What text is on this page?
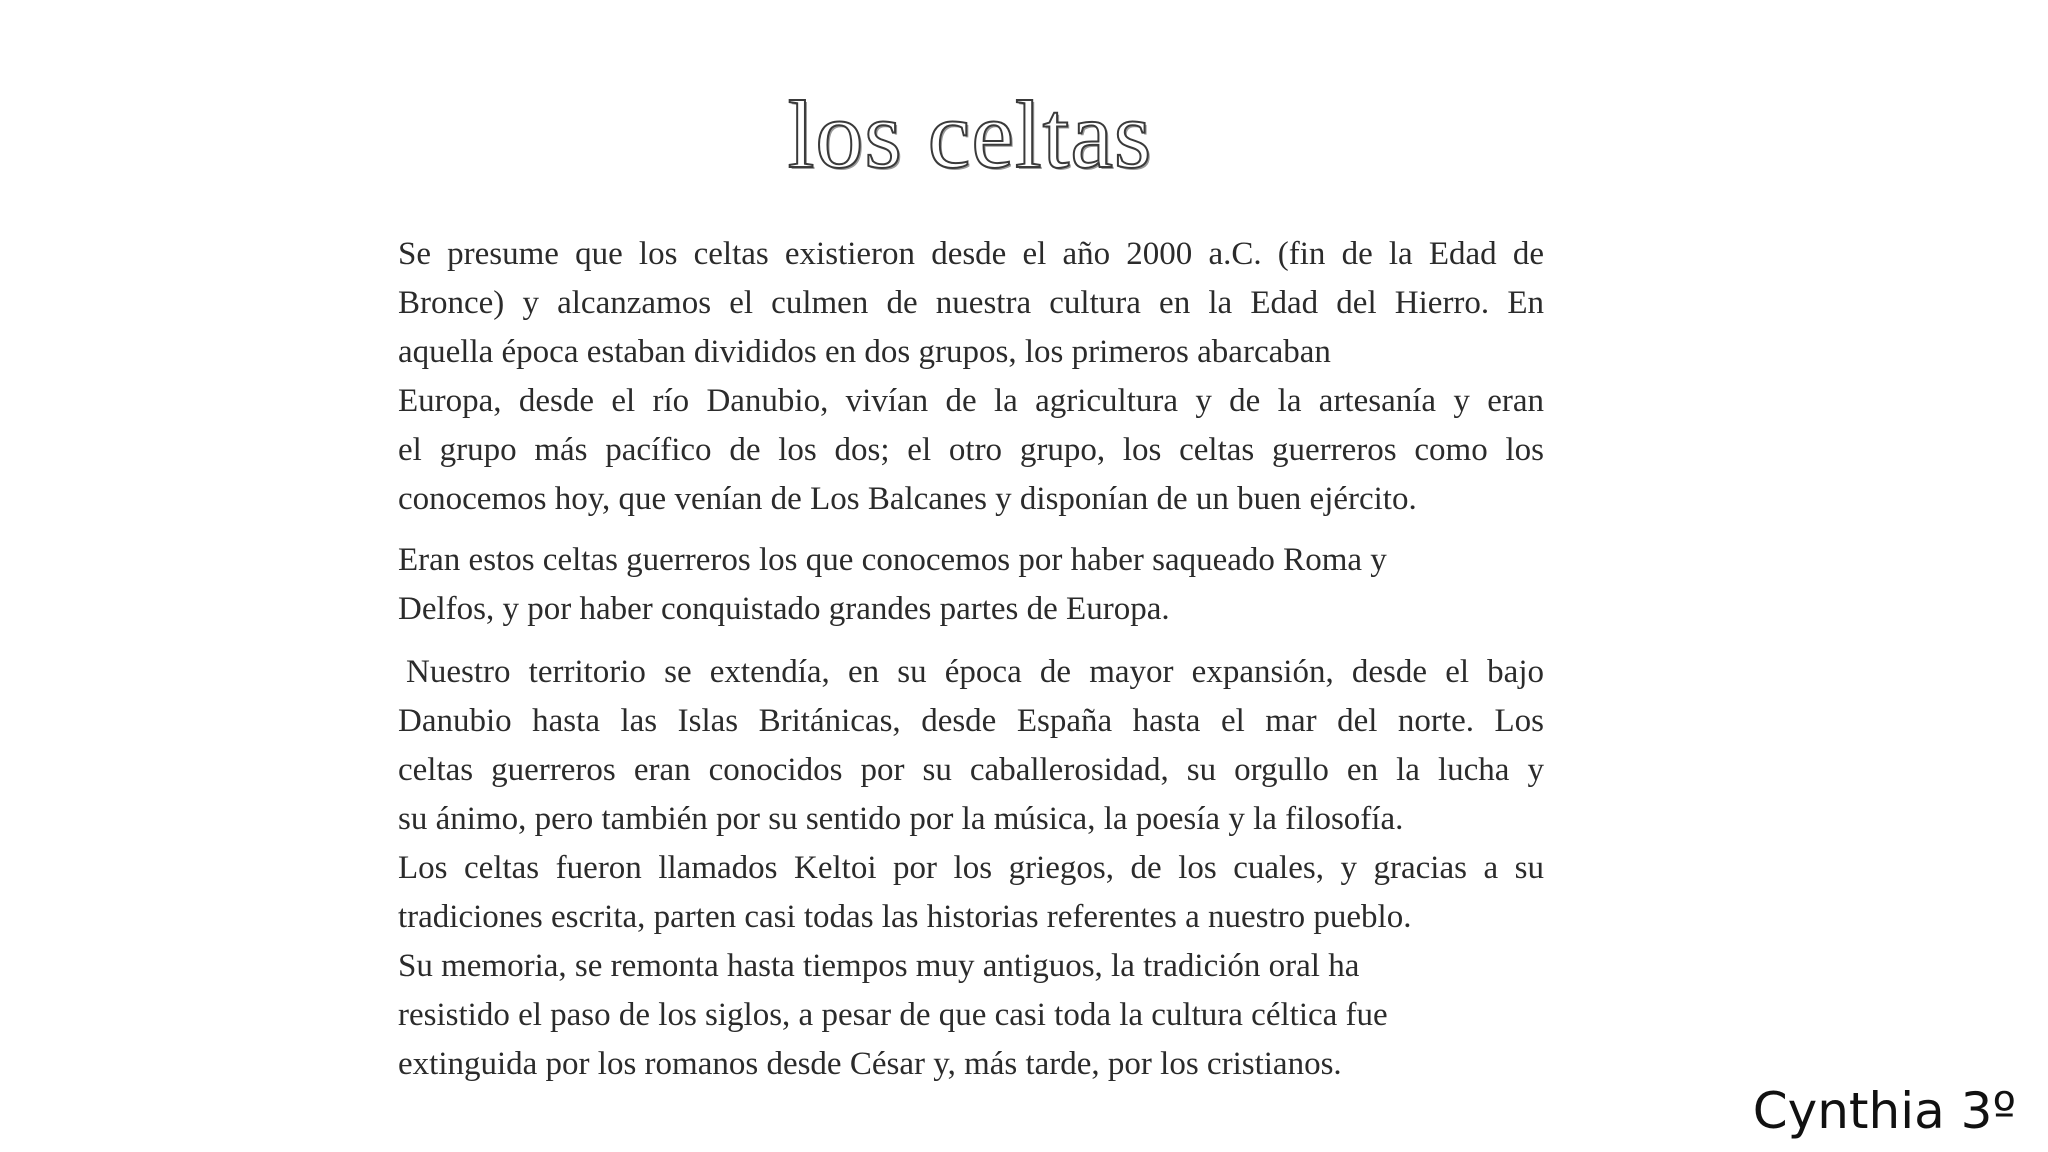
los celtas

Se presume que los celtas existieron desde el año 2000 a.C. (fin de la Edad de
Bronce) y alcanzamos el culmen de nuestra cultura en la Edad del Hierro. En
aquella época estaban divididos en dos grupos, los primeros abarcaban
Europa, desde el río Danubio, vivían de la agricultura y de la artesanía y eran
el grupo más pacífico de los dos; el otro grupo, los celtas guerreros como los
conocemos hoy, que venían de Los Balcanes y disponían de un buen ejército.

Eran estos celtas guerreros los que conocemos por haber saqueado Roma y
Delfos, y por haber conquistado grandes partes de Europa.

Nuestro territorio se extendía, en su época de mayor expansión, desde el bajo
Danubio hasta las Islas Británicas, desde España hasta el mar del norte. Los
celtas guerreros eran conocidos por su caballerosidad, su orgullo en la lucha y
su ánimo, pero también por su sentido por la música, la poesía y la filosofía.
Los celtas fueron llamados Keltoi por los griegos, de los cuales, y gracias a su
tradiciones escrita, parten casi todas las historias referentes a nuestro pueblo.
Su memoria, se remonta hasta tiempos muy antiguos, la tradición oral ha
resistido el paso de los siglos, a pesar de que casi toda la cultura céltica fue
extinguida por los romanos desde César y, más tarde, por los cristianos.

Cynthia 3º
